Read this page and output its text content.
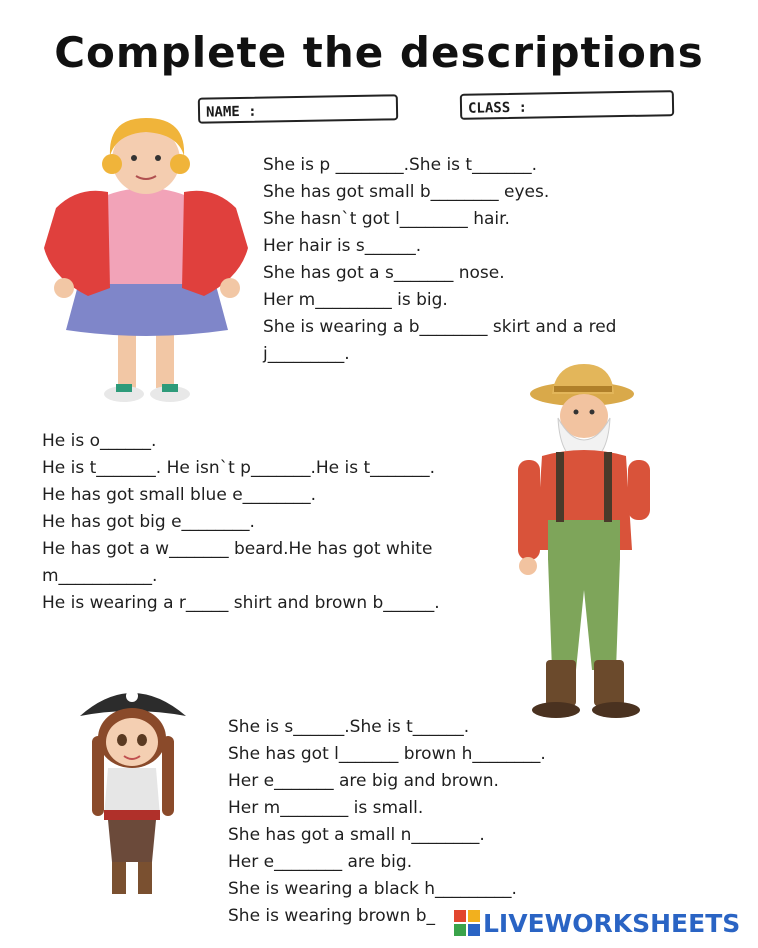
Complete the descriptions
NAME :	CLASS :
She is p ________.She is t_______.
She has got small b________ eyes.
She hasn`t got l________ hair.
Her hair is s______.
She has got a s_______ nose.
Her m_________ is big.
She is wearing a b________ skirt and a red
j_________.
He is o______.
He is t_______. He isn`t p_______.He is t_______.
He has got small blue e________.
He has got big e________.
He has got a w_______ beard.He has got white
m___________.
He is wearing a r_____ shirt and brown b______.
She is s______.She is t______.
She has got l_______ brown h________.
Her e_______ are big and brown.
Her m________ is small.
She has got a small n________.
Her e________ are big.
She is wearing a black h_________.
She is wearing brown b_	LIVEWORKSHEETS
